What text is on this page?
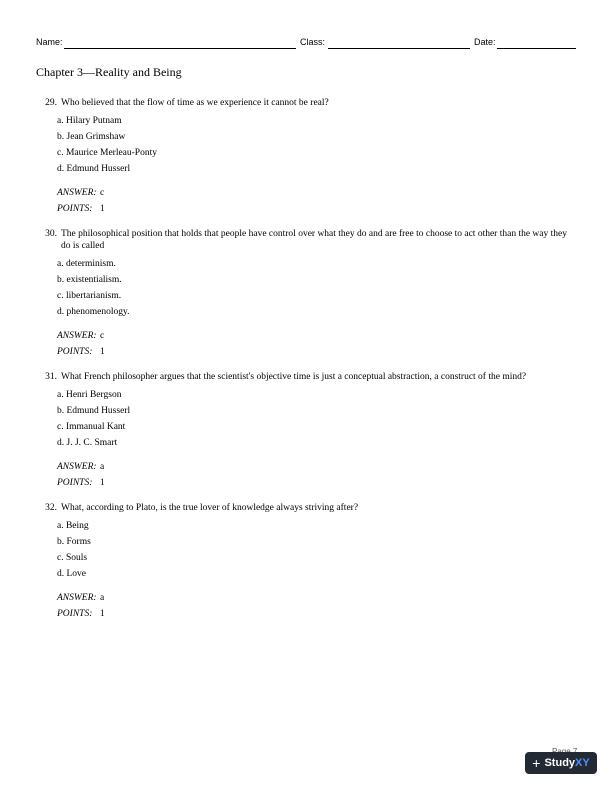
Name:	Class:	Date:
Chapter 3—Reality and Being
29. Who believed that the flow of time as we experience it cannot be real?
a. Hilary Putnam
b. Jean Grimshaw
c. Maurice Merleau-Ponty
d. Edmund Husserl
ANSWER: c
POINTS: 1
30. The philosophical position that holds that people have control over what they do and are free to choose to act other than the way they do is called
a. determinism.
b. existentialism.
c. libertarianism.
d. phenomenology.
ANSWER: c
POINTS: 1
31. What French philosopher argues that the scientist's objective time is just a conceptual abstraction, a construct of the mind?
a. Henri Bergson
b. Edmund Husserl
c. Immanual Kant
d. J. J. C. Smart
ANSWER: a
POINTS: 1
32. What, according to Plato, is the true lover of knowledge always striving after?
a. Being
b. Forms
c. Souls
d. Love
ANSWER: a
POINTS: 1
+ Study XY
